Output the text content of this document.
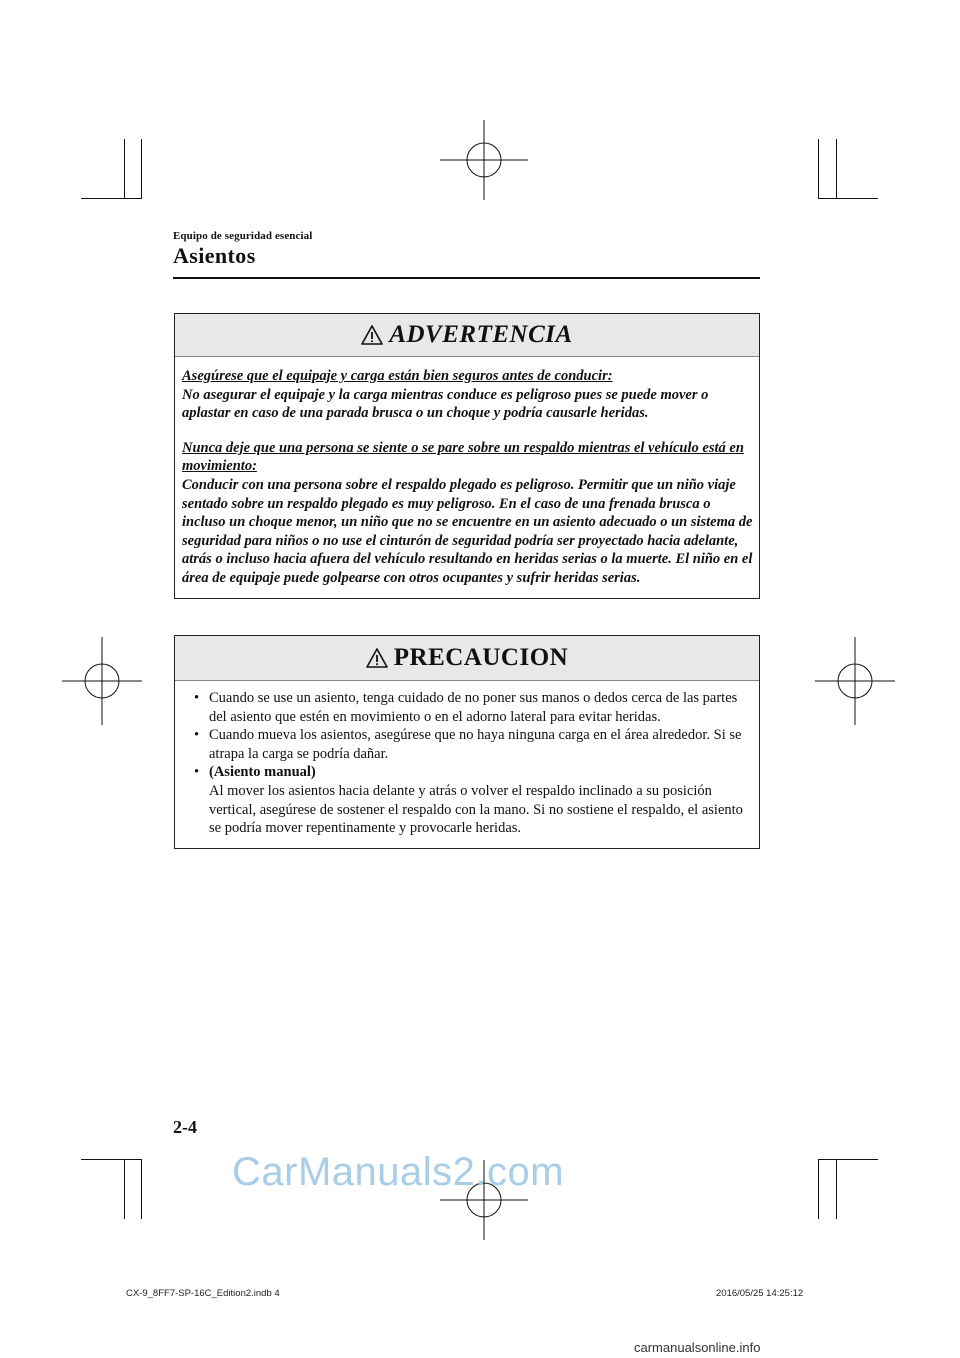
Equipo de seguridad esencial
Asientos
ADVERTENCIA

Asegúrese que el equipaje y carga están bien seguros antes de conducir:

No asegurar el equipaje y la carga mientras conduce es peligroso pues se puede mover o aplastar en caso de una parada brusca o un choque y podría causarle heridas.

Nunca deje que una persona se siente o se pare sobre un respaldo mientras el vehículo está en movimiento:

Conducir con una persona sobre el respaldo plegado es peligroso. Permitir que un niño viaje sentado sobre un respaldo plegado es muy peligroso. En el caso de una frenada brusca o incluso un choque menor, un niño que no se encuentre en un asiento adecuado o un sistema de seguridad para niños o no use el cinturón de seguridad podría ser proyectado hacia adelante, atrás o incluso hacia afuera del vehículo resultando en heridas serias o la muerte. El niño en el área de equipaje puede golpearse con otros ocupantes y sufrir heridas serias.

PRECAUCION
• Cuando se use un asiento, tenga cuidado de no poner sus manos o dedos cerca de las partes del asiento que estén en movimiento o en el adorno lateral para evitar heridas.
• Cuando mueva los asientos, asegúrese que no haya ninguna carga en el área alrededor. Si se atrapa la carga se podría dañar.
• (Asiento manual)
Al mover los asientos hacia delante y atrás o volver el respaldo inclinado a su posición vertical, asegúrese de sostener el respaldo con la mano. Si no sostiene el respaldo, el asiento se podría mover repentinamente y provocarle heridas.
2-4
CarManuals2.com
CX-9_8FF7-SP-16C_Edition2.indb 4	2016/05/25 14:25:12
carmanualsonline.info
